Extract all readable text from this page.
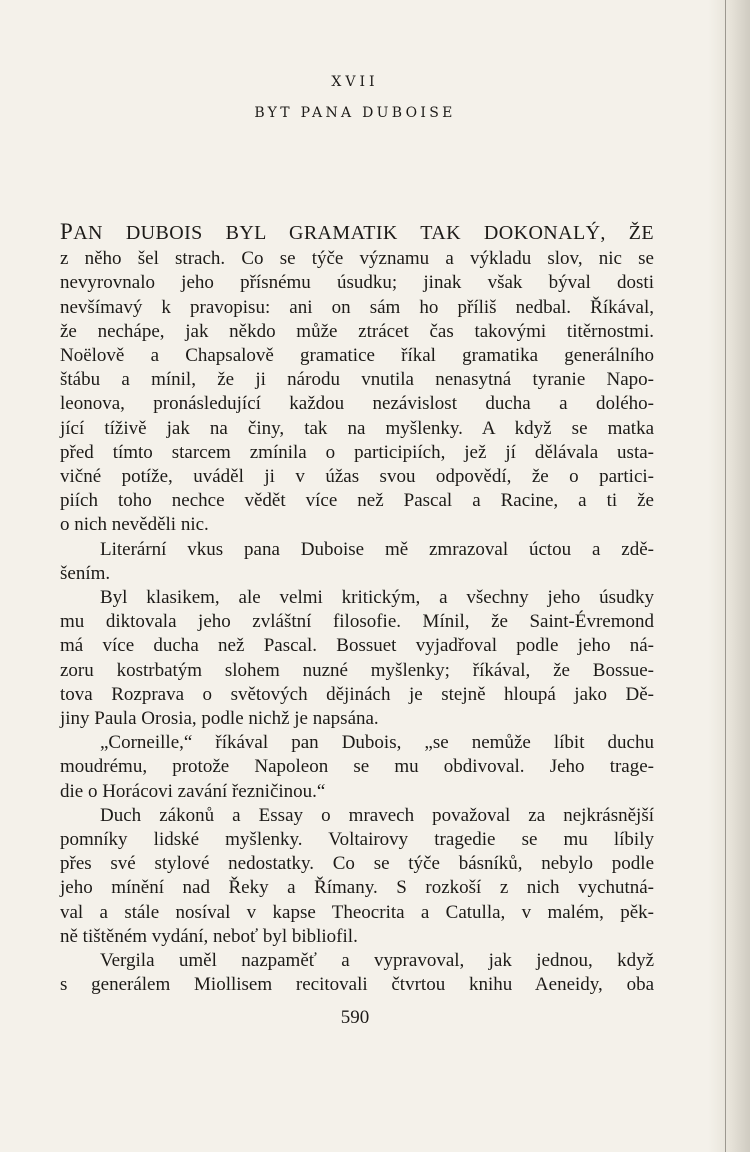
XVII
BYT PANA DUBOISE
PAN DUBOIS BYL GRAMATIK TAK DOKONALÝ, ŽE
z něho šel strach. Co se týče významu a výkladu slov, nic se
nevyrovnalo jeho přísnému úsudku; jinak však býval dosti
nevšímavý k pravopisu: ani on sám ho příliš nedbal. Říkával,
že nechápe, jak někdo může ztrácet čas takovými titěrnostmi.
Noëlově a Chapsalově gramatice říkal gramatika generálního
štábu a mínil, že ji národu vnutila nenasytná tyranie Napo-
leonova, pronásledující každou nezávislost ducha a dolého-
jící tíživě jak na činy, tak na myšlenky. A když se matka
před tímto starcem zmínila o participiích, jež jí dělávala usta-
vičné potíže, uváděl ji v úžas svou odpovědí, že o partici-
piích toho nechce vědět více než Pascal a Racine, a ti že
o nich nevěděli nic.
Literární vkus pana Duboise mě zmrazoval úctou a zdě-
šením.
Byl klasikem, ale velmi kritickým, a všechny jeho úsudky
mu diktovala jeho zvláštní filosofie. Mínil, že Saint-Évremond
má více ducha než Pascal. Bossuet vyjadřoval podle jeho ná-
zoru kostrbatým slohem nuzné myšlenky; říkával, že Bossue-
tova Rozprava o světových dějinách je stejně hloupá jako Dě-
jiny Paula Orosia, podle nichž je napsána.
„Corneille,“ říkával pan Dubois, „se nemůže líbit duchu
moudrému, protože Napoleon se mu obdivoval. Jeho trage-
die o Horácovi zavání řezničinou.“
Duch zákonů a Essay o mravech považoval za nejkrásnější
pomníky lidské myšlenky. Voltairovy tragedie se mu líbily
přes své stylové nedostatky. Co se týče básníků, nebylo podle
jeho mínění nad Řeky a Římany. S rozkoší z nich vychutná-
val a stále nosíval v kapse Theocrita a Catulla, v malém, pěk-
ně tištěném vydání, neboť byl bibliofil.
Vergila uměl nazpaměť a vypravoval, jak jednou, když
s generálem Miollisem recitovali čtvrtou knihu Aeneidy, oba
590
